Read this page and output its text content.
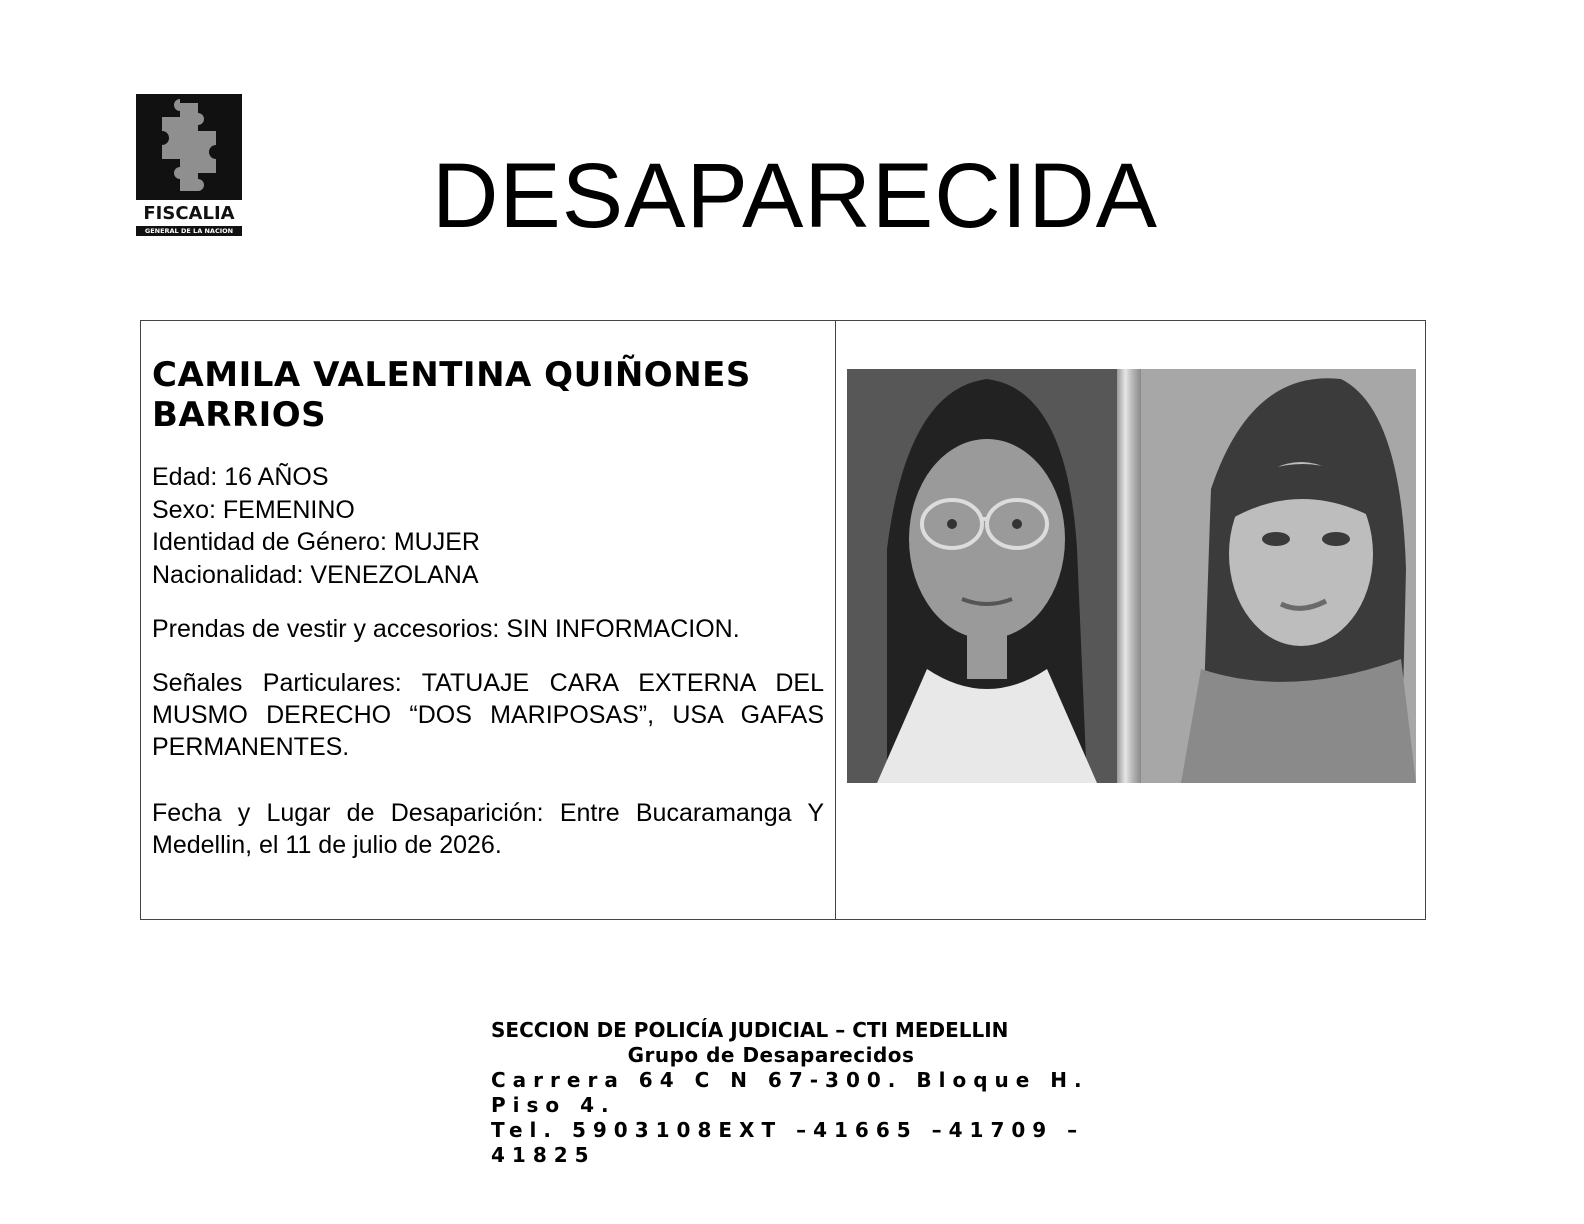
FISCALIA
GENERAL DE LA NACION	DESAPARECIDA
CAMILA VALENTINA QUIÑONES BARRIOS
Edad: 16 AÑOS
Sexo: FEMENINO
Identidad de Género: MUJER
Nacionalidad: VENEZOLANA
Prendas de vestir y accesorios: SIN INFORMACION.
Señales Particulares: TATUAJE CARA EXTERNA DEL MUSMO DERECHO “DOS MARIPOSAS”, USA GAFAS PERMANENTES.
Fecha y Lugar de Desaparición: Entre Bucaramanga Y Medellin, el 11 de julio de 2026.
SECCION DE POLICÍA JUDICIAL – CTI MEDELLIN
Grupo de Desaparecidos
Carrera 64 C N 67-300. Bloque H. Piso 4.
Tel. 5903108EXT –41665 –41709 –41825
